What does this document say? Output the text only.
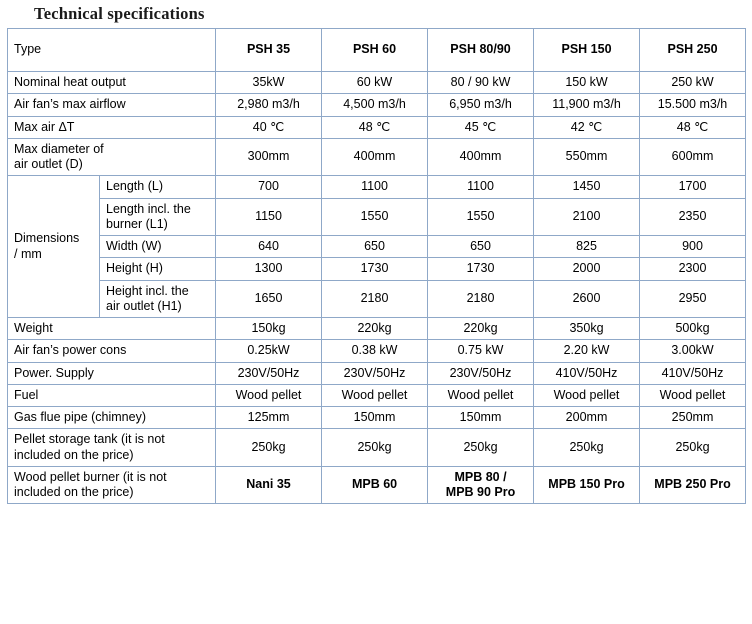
Technical specifications
Type		PSH 35	PSH 60	PSH 80/90	PSH 150	PSH 250
Nominal heat output		35kW	60 kW	80 / 90 kW	150 kW	250 kW
Air fan’s max airflow		2,980 m3/h	4,500 m3/h	6,950 m3/h	11,900 m3/h	15.500 m3/h
Max air ΔT		40 ℃	48 ℃	45 ℃	42 ℃	48 ℃

Max diameter of
air outlet (D)		300mm	400mm	400mm	550mm	600mm

Dimensions
/ mm	Length (L)	700	1100	1100	1450	1700

	Length incl. the
burner (L1)	1150	1550	1550	2100	2350
	Width (W)	640	650	650	825	900
	Height (H)	1300	1730	1730	2000	2300

	Height incl. the
air outlet (H1)	1650	2180	2180	2600	2950
Weight		150kg	220kg	220kg	350kg	500kg
Air fan’s power cons		0.25kW	0.38 kW	0.75 kW	2.20 kW	3.00kW
Power. Supply		230V/50Hz	230V/50Hz	230V/50Hz	410V/50Hz	410V/50Hz
Fuel		Wood pellet	Wood pellet	Wood pellet	Wood pellet	Wood pellet
Gas flue pipe (chimney)		125mm	150mm	150mm	200mm	250mm

Pellet storage tank (it is not
included on the price)		250kg	250kg	250kg	250kg	250kg

Wood pellet burner (it is not
included on the price)		Nani 35	MPB 60	MPB 80 /
MPB 90 Pro	MPB 150 Pro	MPB 250 Pro
